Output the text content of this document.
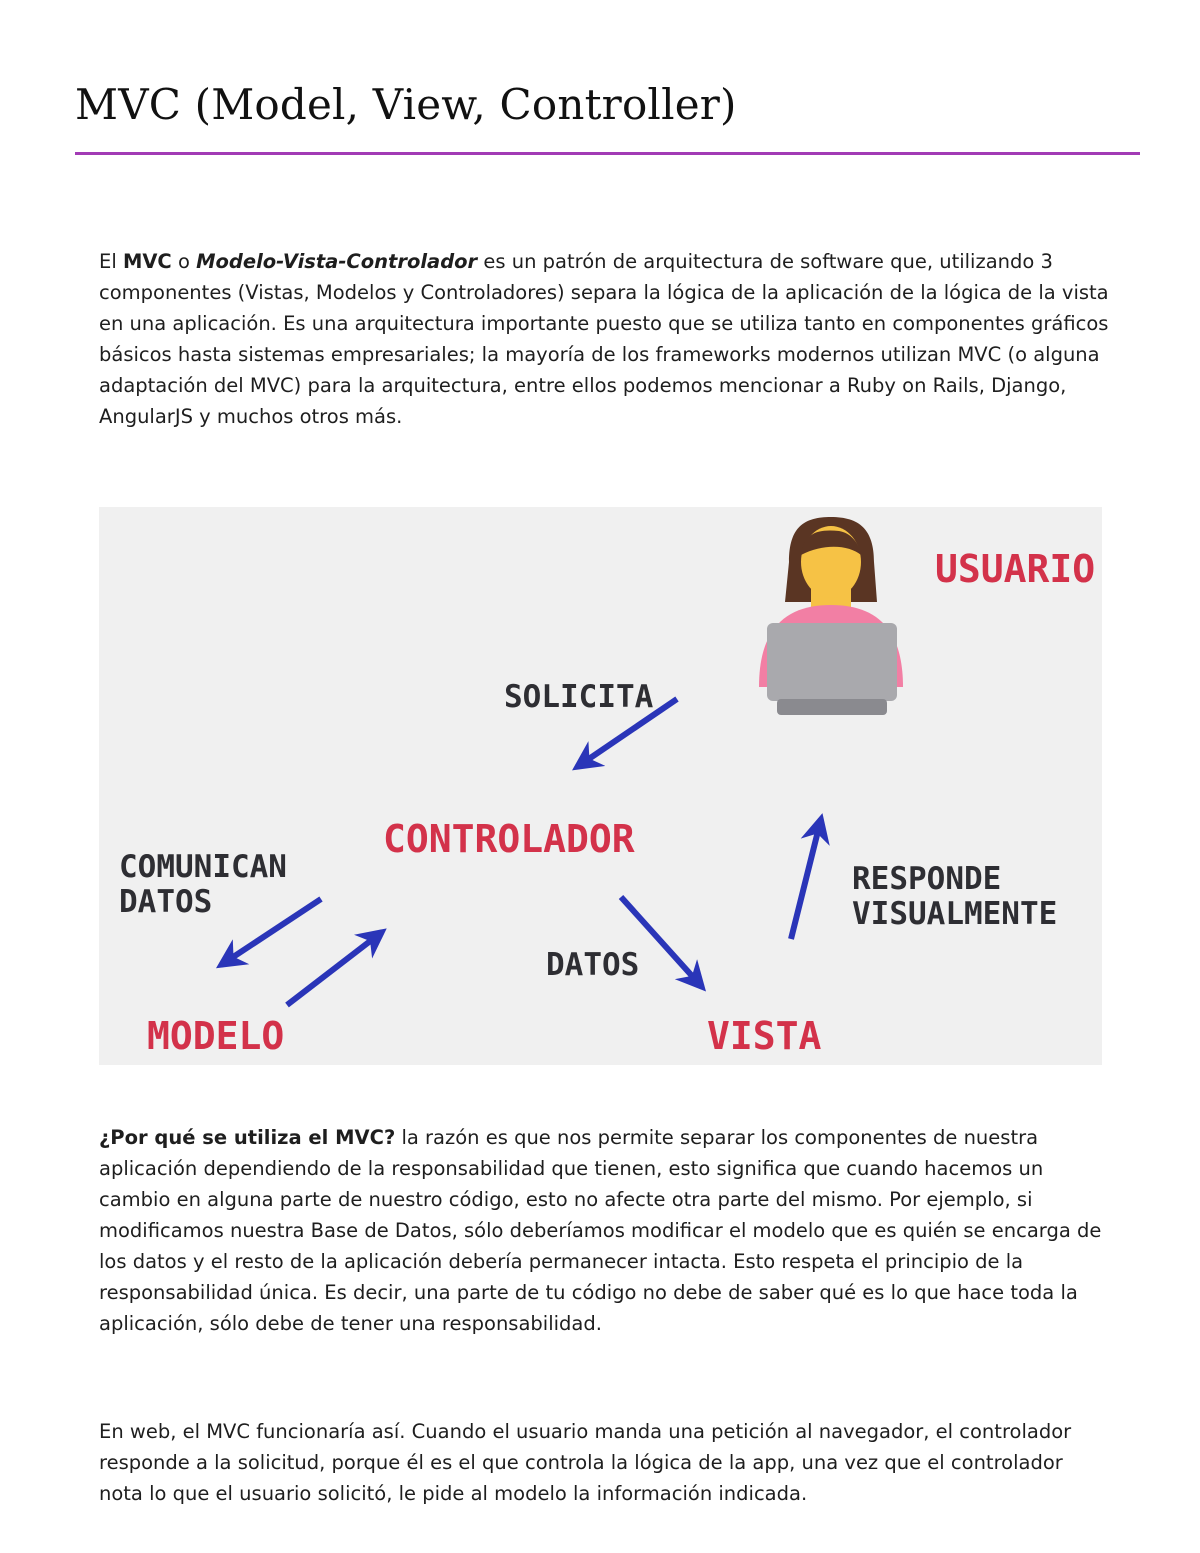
MVC (Model, View, Controller)

El MVC o Modelo-Vista-Controlador es un patrón de arquitectura de software que, utilizando 3 componentes (Vistas, Modelos y Controladores) separa la lógica de la aplicación de la lógica de la vista en una aplicación. Es una arquitectura importante puesto que se utiliza tanto en componentes gráficos básicos hasta sistemas empresariales; la mayoría de los frameworks modernos utilizan MVC (o alguna adaptación del MVC) para la arquitectura, entre ellos podemos mencionar a Ruby on Rails, Django, AngularJS y muchos otros más.

USUARIO
SOLICITA
CONTROLADOR
COMUNICAN
DATOS
RESPONDE
VISUALMENTE
DATOS
MODELO	VISTA

¿Por qué se utiliza el MVC? la razón es que nos permite separar los componentes de nuestra aplicación dependiendo de la responsabilidad que tienen, esto significa que cuando hacemos un cambio en alguna parte de nuestro código, esto no afecte otra parte del mismo. Por ejemplo, si modificamos nuestra Base de Datos, sólo deberíamos modificar el modelo que es quién se encarga de los datos y el resto de la aplicación debería permanecer intacta. Esto respeta el principio de la responsabilidad única. Es decir, una parte de tu código no debe de saber qué es lo que hace toda la aplicación, sólo debe de tener una responsabilidad.

En web, el MVC funcionaría así. Cuando el usuario manda una petición al navegador, el controlador responde a la solicitud, porque él es el que controla la lógica de la app, una vez que el controlador nota lo que el usuario solicitó, le pide al modelo la información indicada.
